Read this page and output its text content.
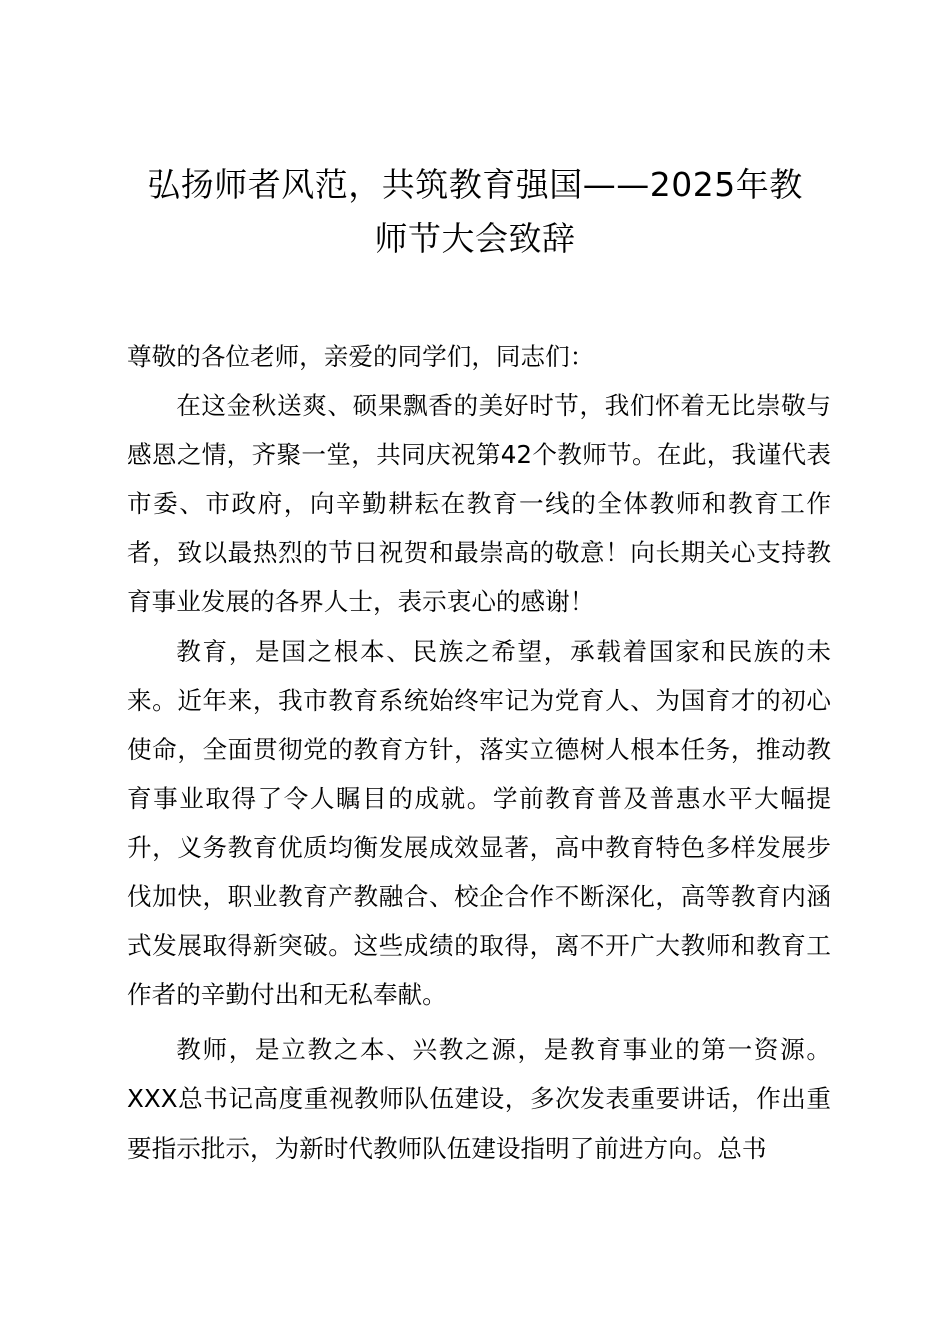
弘扬师者风范，共筑教育强国——2025年教
师节大会致辞

尊敬的各位老师，亲爱的同学们，同志们：

在这金秋送爽、硕果飘香的美好时节，我们怀着无比崇敬与感恩之情，齐聚一堂，共同庆祝第42个教师节。在此，我谨代表市委、市政府，向辛勤耕耘在教育一线的全体教师和教育工作者，致以最热烈的节日祝贺和最崇高的敬意！向长期关心支持教育事业发展的各界人士，表示衷心的感谢！

教育，是国之根本、民族之希望，承载着国家和民族的未来。近年来，我市教育系统始终牢记为党育人、为国育才的初心使命，全面贯彻党的教育方针，落实立德树人根本任务，推动教育事业取得了令人瞩目的成就。学前教育普及普惠水平大幅提升，义务教育优质均衡发展成效显著，高中教育特色多样发展步伐加快，职业教育产教融合、校企合作不断深化，高等教育内涵式发展取得新突破。这些成绩的取得，离不开广大教师和教育工作者的辛勤付出和无私奉献。

教师，是立教之本、兴教之源，是教育事业的第一资源。XXX总书记高度重视教师队伍建设，多次发表重要讲话，作出重要指示批示，为新时代教师队伍建设指明了前进方向。总书
